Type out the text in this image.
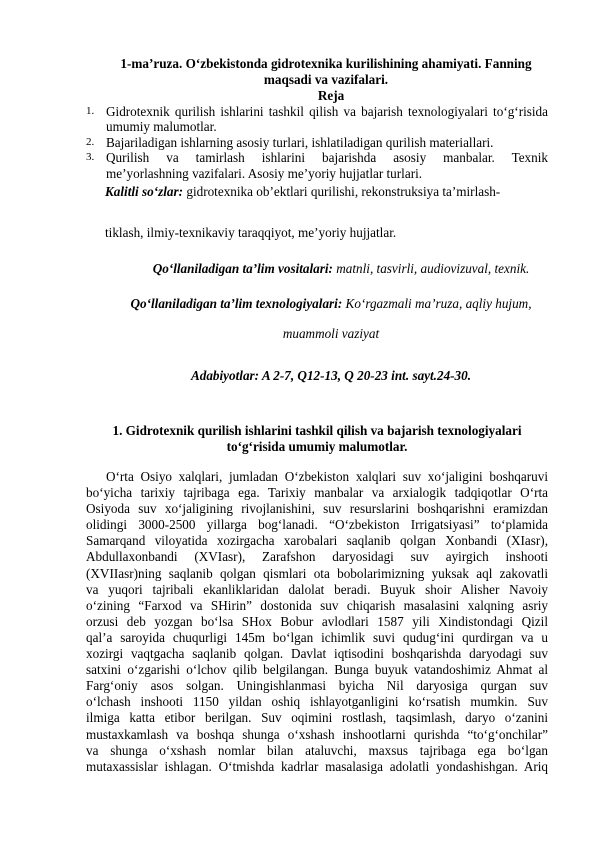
1-ma’ruza. O‘zbekistonda gidrotexnika kurilishining ahamiyati. Fanning maqsadi va vazifalari.
Reja
1. Gidrotexnik qurilish ishlarini tashkil qilish va bajarish texnologiyalari to‘g‘risida
umumiy malumotlar.
2. Bajariladigan ishlarning asosiy turlari, ishlatiladigan qurilish materiallari.
3. Qurilish va tamirlash ishlarini bajarishda asosiy manbalar. Texnik
me’yorlashning vazifalari. Asosiy me’yoriy hujjatlar turlari.
Kalitli so‘zlar: gidrotexnika ob’ektlari qurilishi, rekonstruksiya ta’mirlash-
tiklash, ilmiy-texnikaviy taraqqiyot, me’yoriy hujjatlar.
Qo‘llaniladigan ta’lim vositalari: matnli, tasvirli, audiovizuval, texnik.
Qo‘llaniladigan ta’lim texnologiyalari: Ko‘rgazmali ma’ruza, aqliy hujum,
muammoli vaziyat
Adabiyotlar: A 2-7, Q12-13, Q 20-23 int. sayt.24-30.
1. Gidrotexnik qurilish ishlarini tashkil qilish va bajarish texnologiyalari to‘g‘risida umumiy malumotlar.
O‘rta Osiyo xalqlari, jumladan O‘zbekiston xalqlari suv xo‘jaligini boshqaruvi
bo‘yicha tarixiy tajribaga ega. Tarixiy manbalar va arxialogik tadqiqotlar O‘rta
Osiyoda suv xo‘jaligining rivojlanishini, suv resurslarini boshqarishni eramizdan
olidingi 3000-2500 yillarga bog‘lanadi. “O‘zbekiston Irrigatsiyasi” to‘plamida
Samarqand viloyatida xozirgacha xarobalari saqlanib qolgan Xonbandi (XIasr),
Abdullaxonbandi (XVIasr), Zarafshon daryosidagi suv ayirgich inshooti
(XVIIasr)ning saqlanib qolgan qismlari ota bobolarimizning yuksak aql zakovatli
va yuqori tajribali ekanliklaridan dalolat beradi. Buyuk shoir Alisher Navoiy
o‘zining “Farxod va SHirin” dostonida suv chiqarish masalasini xalqning asriy
orzusi deb yozgan bo‘lsa SHox Bobur avlodlari 1587 yili Xindistondagi Qizil
qal’a saroyida chuqurligi 145m bo‘lgan ichimlik suvi qudug‘ini qurdirgan va u
xozirgi vaqtgacha saqlanib qolgan. Davlat iqtisodini boshqarishda daryodagi suv
satxini o‘zgarishi o‘lchov qilib belgilangan. Bunga buyuk vatandoshimiz Ahmat al
Farg‘oniy asos solgan. Uningishlanmasi byicha Nil daryosiga qurgan suv
o‘lchash inshooti 1150 yildan oshiq ishlayotganligini ko‘rsatish mumkin. Suv
ilmiga katta etibor berilgan. Suv oqimini rostlash, taqsimlash, daryo o‘zanini
mustaxkamlash va boshqa shunga o‘xshash inshootlarni qurishda “to‘g‘onchilar”
va shunga o‘xshash nomlar bilan ataluvchi, maxsus tajribaga ega bo‘lgan
mutaxassislar ishlagan. O‘tmishda kadrlar masalasiga adolatli yondashishgan. Ariq
